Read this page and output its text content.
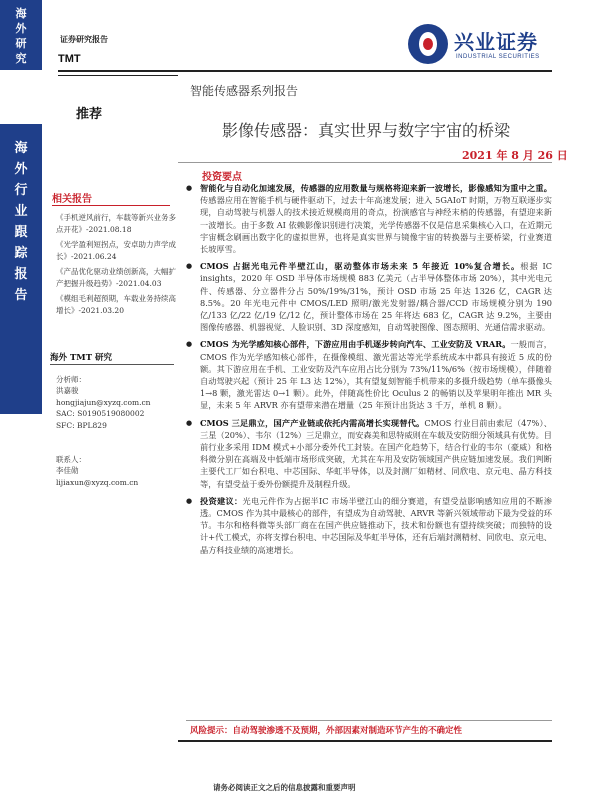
海
外
研
究
海
外
行
业
跟
踪
报
告
证券研究报告
TMT
兴业证券
INDUSTRIAL SECURITIES
智能传感器系列报告
推荐
影像传感器：真实世界与数字宇宙的桥梁
2021 年 8 月 26 日
相关报告
《手机逆风前行，车载等新兴业务多点开花》-2021.08.18
《光学盈利短拐点，安卓助力声学成长》-2021.06.24
《产品优化驱动业绩创新高，大幅扩产把握升级趋势》-2021.04.03
《模组毛利超预期，车载业务持续高增长》-2021.03.20
海外 TMT 研究
分析师：
洪嘉骏
hongjiajun@xyzq.com.cn
SAC: S0190519080002
SFC: BPL829
联系人：
李佳勋
lijiaxun@xyzq.com.cn
投资要点
● 智能化与自动化加速发展，传感器的应用数量与规格将迎来新一波增长，影像感知为重中之重。传感器应用在智能手机与硬件驱动下，过去十年高速发展；进入 5GAIoT 时期，万物互联逐步实现，自动驾驶与机器人的技术接近规模商用的奇点，扮演感官与神经末梢的传感器，有望迎来新一波增长。由于多数 AI 依赖影像识别进行决策，光学传感器不仅是信息采集核心入口，在近期元宇宙概念刷画出数字化的虚拟世界，也将是真实世界与镜像宇宙的转换器与主要桥梁，行业赛道长坡厚雪。
● CMOS 占据光电元件半壁江山，驱动整体市场未来 5 年接近 10%复合增长。根据 IC insights，2020 年 OSD 半导体市场规模 883 亿美元（占半导体整体市场 20%），其中光电元件、传感器、分立器件分占 50%/19%/31%，预计 OSD 市场 25 年达 1326 亿，CAGR 达 8.5%。20 年光电元件中 CMOS/LED 照明/激光发射器/耦合器/CCD 市场规模分别为 190 亿/133 亿/22 亿/19 亿/12 亿，预计整体市场在 25 年将达 683 亿，CAGR 达 9.2%，主要由图像传感器、机器视觉、人脸识别、3D 深度感知，自动驾驶图像、图态照明、光通信需求驱动。
● CMOS 为光学感知核心部件，下游应用由手机逐步转向汽车、工业安防及 VRAR。一般而言，CMOS 作为光学感知核心部件，在摄像模组、激光雷达等光学系统成本中都具有接近 5 成的份额。其下游应用在手机、工业安防及汽车应用占比分别为 73%/11%/6%（按市场规模），伴随着自动驾驶兴起（预计 25 年 L3 达 12%），其有望复刻智能手机带来的多摄升级趋势（单车摄像头 1→8 颗，激光雷达 0→1 颗）。此外，伴随高性价比 Oculus 2 的畅销以及苹果明年推出 MR 头显，未来 5 年 ARVR 亦有望带来潜在增量（25 年预计出货达 3 千万，单机 8 颗）。
● CMOS 三足鼎立，国产产业链或依托内需高增长实现替代。CMOS 行业目前由索尼（47%）、三星（20%）、韦尔（12%）三足鼎立，而安森美和思特威则在车载及安防细分领域具有优势。目前行业多采用 IDM 模式+小部分委外代工封装。在国产化趋势下，结合行业的韦尔（豪威）和格科微分别在高端及中低端市场形成突破，尤其在车用及安防领域国产供应链加速发展。我们判断主要代工厂如台积电、中芯国际、华虹半导体，以及封测厂如精材、同欣电、京元电、晶方科技等，有望受益于委外份额提升及制程升级。
● 投资建议：光电元件作为占据半IC 市场半壁江山的细分赛道，有望受益影响感知应用的不断渗透。CMOS 作为其中最核心的部件，有望成为自动驾驶、ARVR 等新兴领域带动下最为受益的环节。韦尔和格科微等头部厂商在在国产供应链推动下，技术和份额也有望持续突破；而独特的设计+代工模式，亦将支撑台积电、中芯国际及华虹半导体，还有后端封测精材、同欣电、京元电、晶方科技业绩的高速增长。
风险提示：自动驾驶渗透不及预期，外部因素对制造环节产生的不确定性
请务必阅读正文之后的信息披露和重要声明
